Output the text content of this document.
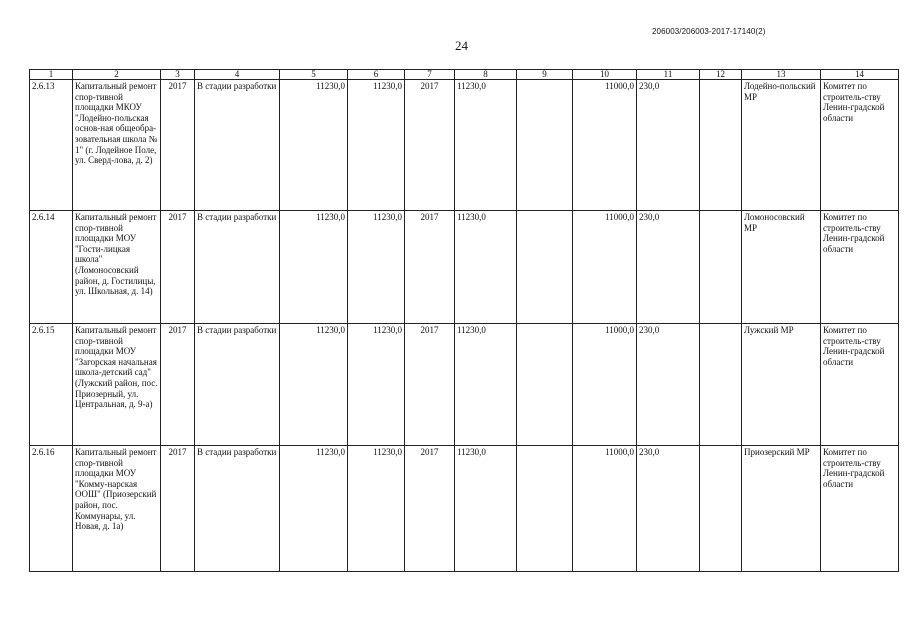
206003/206003-2017-17140(2)
24
1	2	3	4	5	6	7	8	9	10	11	12	13	14
2.6.13	Капитальный ремонт спор-тивной площадки МКОУ "Лодейно-польская основ-ная общеобра-зовательная школа № 1" (г. Лодейное Поле, ул. Сверд-лова, д. 2)	2017	В стадии разработки	11230,0	11230,0	2017	11230,0		11000,0	230,0		Лодейно-польский МР	Комитет по строитель-ству Ленин-градской области
2.6.14	Капитальный ремонт спор-тивной площадки МОУ "Гости-лицкая школа" (Ломоносовский район, д. Гостилицы, ул. Школьная, д. 14)	2017	В стадии разработки	11230,0	11230,0	2017	11230,0		11000,0	230,0		Ломоносовский МР	Комитет по строитель-ству Ленин-градской области
2.6.15	Капитальный ремонт спор-тивной площадки МОУ "Загорская начальная школа-детский сад" (Лужский район, пос. Приозерный, ул. Центральная, д. 9-а)	2017	В стадии разработки	11230,0	11230,0	2017	11230,0		11000,0	230,0		Лужский МР	Комитет по строитель-ству Ленин-градской области
2.6.16	Капитальный ремонт спор-тивной площадки МОУ "Комму-нарская ООШ" (Приозерский район, пос. Коммунары, ул. Новая, д. 1а)	2017	В стадии разработки	11230,0	11230,0	2017	11230,0		11000,0	230,0		Приозерский МР	Комитет по строитель-ству Ленин-градской области
